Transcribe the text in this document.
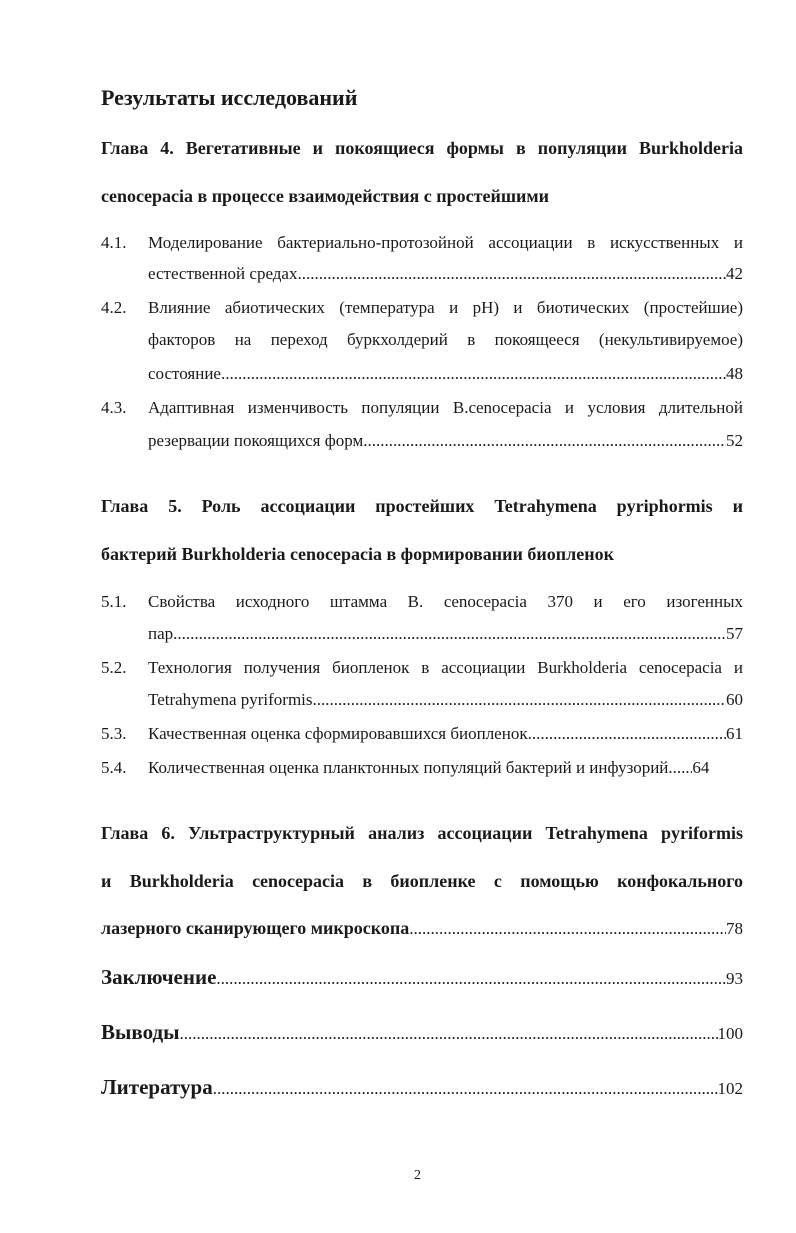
Результаты исследований
Глава 4. Вегетативные и покоящиеся формы в популяции Burkholderia
cenocepacia в процессе взаимодействия с простейшими
4.1. Моделирование бактериально-протозойной ассоциации в искусственных и
естественной средах .....	42
4.2. Влияние абиотических (температура и pH) и биотических (простейшие)
факторов на переход буркхолдерий в покоящееся (некультивируемое)
состояние .....	48
4.3. Адаптивная изменчивость популяции B.cenocepacia и условия длительной
резервации покоящихся форм .....	52
Глава 5. Роль ассоциации простейших Tetrahymena pyriphormis и
бактерий Burkholderia cenocepacia в формировании биопленок
5.1. Свойства исходного штамма B. cenocepacia 370 и его изогенных
пар .....	57
5.2. Технология получения биопленок в ассоциации Burkholderia cenocepacia и
Tetrahymena pyriformis .....	60
5.3. Качественная оценка сформировавшихся биопленок .....	61
5.4. Количественная оценка планктонных популяций бактерий и инфузорий ..... 64
Глава 6. Ультраструктурный анализ ассоциации Tetrahymena pyriformis
и Burkholderia cenocepacia в биопленке с помощью конфокального
лазерного сканирующего микроскопа .....	78
Заключение .....	93
Выводы .....	100
Литература .....	102
2
